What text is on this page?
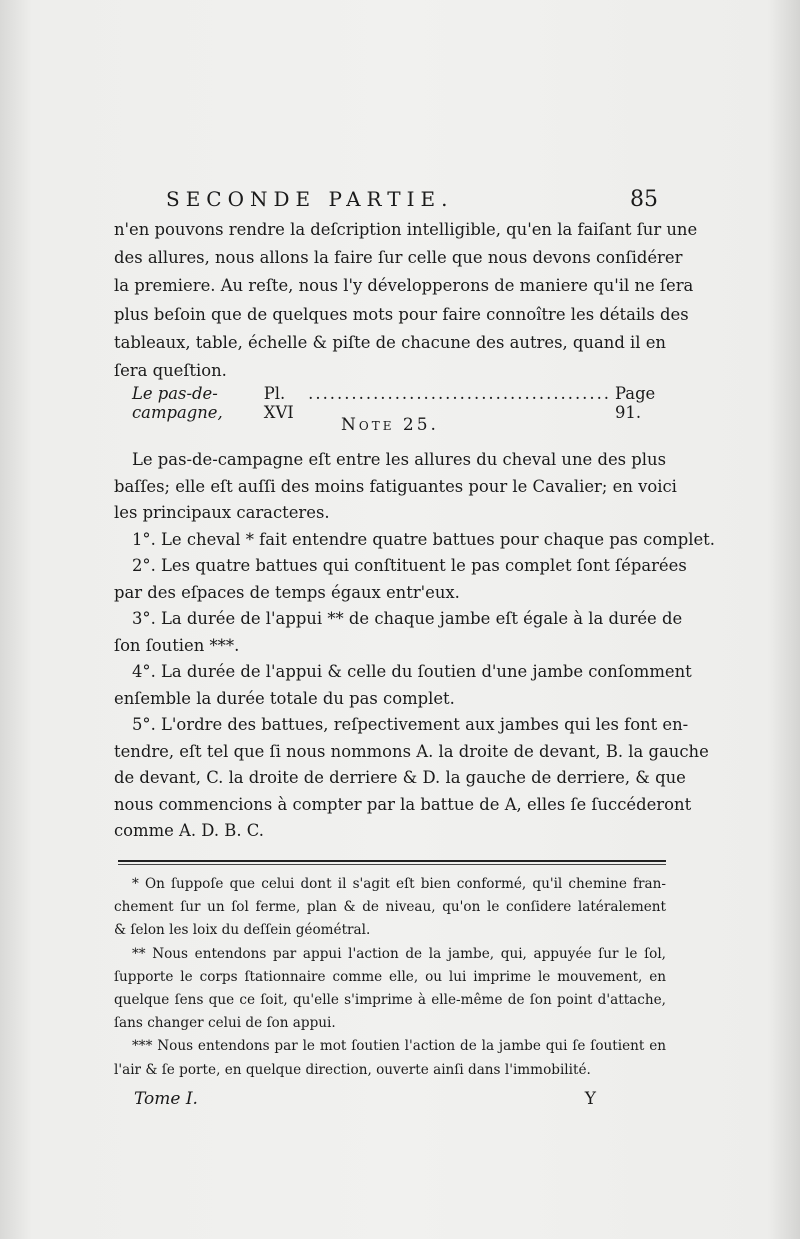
SECONDE PARTIE.	85
n'en pouvons rendre la deſcription intelligible, qu'en la faiſant ſur une
des allures, nous allons la faire ſur celle que nous devons conſidérer
la premiere. Au reſte, nous l'y développerons de maniere qu'il ne ſera
plus beſoin que de quelques mots pour faire connoître les détails des
tableaux, table, échelle & piſte de chacune des autres, quand il en
ſera queſtion.
Le pas-de-campagne,
Pl. XVI
.......................................... Page 91.
Note 25.
Le pas-de-campagne eſt entre les allures du cheval une des plus
baſſes; elle eſt auſſi des moins fatiguantes pour le Cavalier; en voici
les principaux caracteres.
1°. Le cheval * fait entendre quatre battues pour chaque pas complet.
2°. Les quatre battues qui conſtituent le pas complet ſont ſéparées
par des eſpaces de temps égaux entr'eux.
3°. La durée de l'appui ** de chaque jambe eſt égale à la durée de
ſon ſoutien ***.
4°. La durée de l'appui & celle du ſoutien d'une jambe conſomment
enſemble la durée totale du pas complet.
5°. L'ordre des battues, reſpectivement aux jambes qui les font en-
tendre, eſt tel que ſi nous nommons A. la droite de devant, B. la gauche
de devant, C. la droite de derriere & D. la gauche de derriere, & que
nous commencions à compter par la battue de A, elles ſe ſuccéderont
comme A. D. B. C.
* On ſuppoſe que celui dont il s'agit eſt bien conformé, qu'il chemine fran-
chement ſur un ſol ferme, plan & de niveau, qu'on le conſidere latéralement
& ſelon les loix du deſſein géométral.
** Nous entendons par appui l'action de la jambe, qui, appuyée ſur le ſol,
ſupporte le corps ſtationnaire comme elle, ou lui imprime le mouvement, en
quelque ſens que ce ſoit, qu'elle s'imprime à elle-même de ſon point d'attache,
ſans changer celui de ſon appui.
*** Nous entendons par le mot ſoutien l'action de la jambe qui ſe ſoutient en
l'air & ſe porte, en quelque direction, ouverte ainſi dans l'immobilité.
Tome I.	Y
